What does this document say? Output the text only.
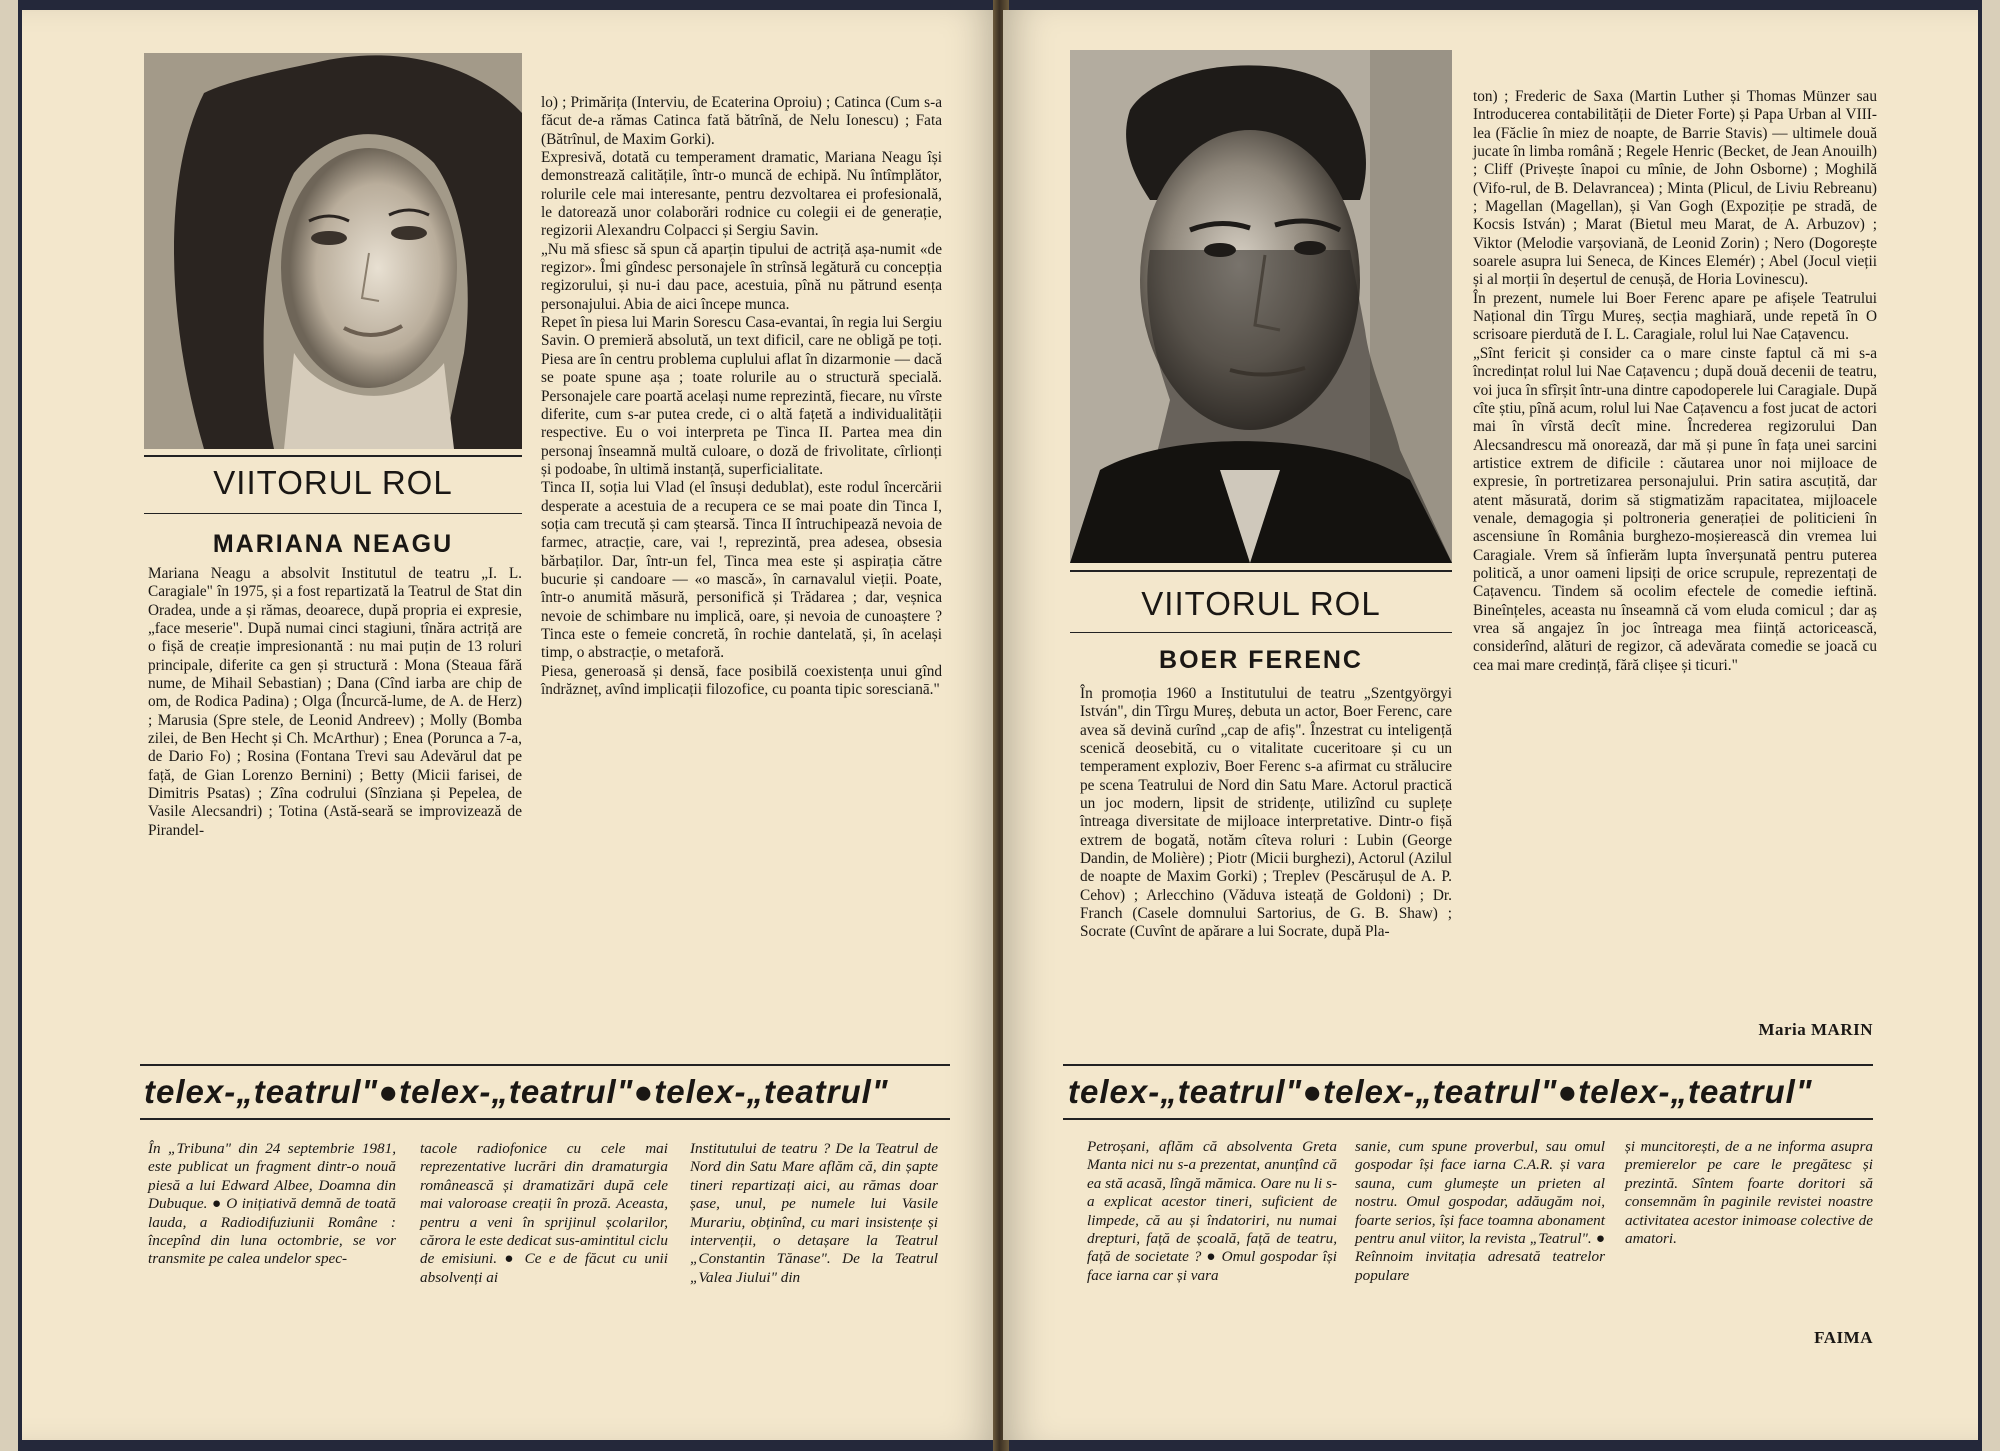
VIITORUL ROL
MARIANA NEAGU
Mariana Neagu a absolvit Institutul de teatru „I. L. Caragiale" în 1975, și a fost repartizată la Teatrul de Stat din Oradea, unde a și rămas, deoarece, după propria ei expresie, „face meserie". După numai cinci stagiuni, tînăra actriță are o fișă de creație impresionantă : nu mai puțin de 13 roluri principale, diferite ca gen și structură : Mona (Steaua fără nume, de Mihail Sebastian) ; Dana (Cînd iarba are chip de om, de Rodica Padina) ; Olga (Încurcă-lume, de A. de Herz) ; Marusia (Spre stele, de Leonid Andreev) ; Molly (Bomba zilei, de Ben Hecht și Ch. McArthur) ; Enea (Porunca a 7-a, de Dario Fo) ; Rosina (Fontana Trevi sau Adevărul dat pe față, de Gian Lorenzo Bernini) ; Betty (Micii farisei, de Dimitris Psatas) ; Zîna codrului (Sînziana și Pepelea, de Vasile Alecsandri) ; Totina (Astă-seară se improvizează de Pirandel-
lo) ; Primărița (Interviu, de Ecaterina Oproiu) ; Catinca (Cum s-a făcut de-a rămas Catinca fată bătrînă, de Nelu Ionescu) ; Fata (Bătrînul, de Maxim Gorki).
Expresivă, dotată cu temperament dramatic, Mariana Neagu își demonstrează calitățile, într-o muncă de echipă. Nu întîmplător, rolurile cele mai interesante, pentru dezvoltarea ei profesională, le datorează unor colaborări rodnice cu colegii ei de generație, regizorii Alexandru Colpacci și Sergiu Savin.
„Nu mă sfiesc să spun că aparțin tipului de actriță așa-numit «de regizor». Îmi gîndesc personajele în strînsă legătură cu concepția regizorului, și nu-i dau pace, acestuia, pînă nu pătrund esența personajului. Abia de aici începe munca.
Repet în piesa lui Marin Sorescu Casa-evantai, în regia lui Sergiu Savin. O premieră absolută, un text dificil, care ne obligă pe toți. Piesa are în centru problema cuplului aflat în dizarmonie — dacă se poate spune așa ; toate rolurile au o structură specială. Personajele care poartă același nume reprezintă, fiecare, nu vîrste diferite, cum s-ar putea crede, ci o altă fațetă a individualității respective. Eu o voi interpreta pe Tinca II. Partea mea din personaj înseamnă multă culoare, o doză de frivolitate, cîrlionți și podoabe, în ultimă instanță, superficialitate.
Tinca II, soția lui Vlad (el însuși dedublat), este rodul încercării desperate a acestuia de a recupera ce se mai poate din Tinca I, soția cam trecută și cam ștearsă. Tinca II întruchipează nevoia de farmec, atracție, care, vai !, reprezintă, prea adesea, obsesia bărbaților. Dar, într-un fel, Tinca mea este și aspirația către bucurie și candoare — «o mască», în carnavalul vieții. Poate, într-o anumită măsură, personifică și Trădarea ; dar, veșnica nevoie de schimbare nu implică, oare, și nevoia de cunoaștere ? Tinca este o femeie concretă, în rochie dantelată, și, în același timp, o abstracție, o metaforă.
Piesa, generoasă și densă, face posibilă coexistența unui gînd îndrăzneț, avînd implicații filozofice, cu poanta tipic sorescianā."
telex-„teatrul"●telex-„teatrul"●telex-„teatrul"
În „Tribuna" din 24 septembrie 1981, este publicat un fragment dintr-o nouă piesă a lui Edward Albee, Doamna din Dubuque. ● O inițiativă demnă de toată lauda, a Radiodifuziunii Române : începînd din luna octombrie, se vor transmite pe calea undelor spec-
tacole radiofonice cu cele mai reprezentative lucrări din dramaturgia românească și dramatizări după cele mai valoroase creații în proză. Aceasta, pentru a veni în sprijinul școlarilor, cărora le este dedicat sus-amintitul ciclu de emisiuni. ● Ce e de făcut cu unii absolvenți ai
Institutului de teatru ? De la Teatrul de Nord din Satu Mare aflăm că, din șapte tineri repartizați aici, au rămas doar șase, unul, pe numele lui Vasile Murariu, obținînd, cu mari insistențe și intervenții, o detașare la Teatrul „Constantin Tănase". De la Teatrul „Valea Jiului" din
VIITORUL ROL
BOER FERENC
În promoția 1960 a Institutului de teatru „Szentgyörgyi István", din Tîrgu Mureș, debuta un actor, Boer Ferenc, care avea să devină curînd „cap de afiș". Înzestrat cu inteligență scenică deosebită, cu o vitalitate cuceritoare și cu un temperament exploziv, Boer Ferenc s-a afirmat cu strălucire pe scena Teatrului de Nord din Satu Mare. Actorul practică un joc modern, lipsit de stridențe, utilizînd cu suplețe întreaga diversitate de mijloace interpretative. Dintr-o fișă extrem de bogată, notăm cîteva roluri : Lubin (George Dandin, de Molière) ; Piotr (Micii burghezi), Actorul (Azilul de noapte de Maxim Gorki) ; Treplev (Pescărușul de A. P. Cehov) ; Arlecchino (Văduva isteață de Goldoni) ; Dr. Franch (Casele domnului Sartorius, de G. B. Shaw) ; Socrate (Cuvînt de apărare a lui Socrate, după Pla-
ton) ; Frederic de Saxa (Martin Luther și Thomas Münzer sau Introducerea contabilității de Dieter Forte) și Papa Urban al VIII-lea (Făclie în miez de noapte, de Barrie Stavis) — ultimele două jucate în limba română ; Regele Henric (Becket, de Jean Anouilh) ; Cliff (Privește înapoi cu mînie, de John Osborne) ; Moghilă (Vifo-rul, de B. Delavrancea) ; Minta (Plicul, de Liviu Rebreanu) ; Magellan (Magellan), și Van Gogh (Expoziție pe stradă, de Kocsis István) ; Marat (Bietul meu Marat, de A. Arbuzov) ; Viktor (Melodie varșoviană, de Leonid Zorin) ; Nero (Dogorește soarele asupra lui Seneca, de Kinces Elemér) ; Abel (Jocul vieții și al morții în deșertul de cenușă, de Horia Lovinescu).
În prezent, numele lui Boer Ferenc apare pe afișele Teatrului Național din Tîrgu Mureș, secția maghiară, unde repetă în O scrisoare pierdută de I. L. Caragiale, rolul lui Nae Cațavencu.
„Sînt fericit și consider ca o mare cinste faptul că mi s-a încredințat rolul lui Nae Cațavencu ; după două decenii de teatru, voi juca în sfîrșit într-una dintre capodoperele lui Caragiale. După cîte știu, pînă acum, rolul lui Nae Cațavencu a fost jucat de actori mai în vîrstă decît mine. Încrederea regizorului Dan Alecsandrescu mă onorează, dar mă și pune în fața unei sarcini artistice extrem de dificile : căutarea unor noi mijloace de expresie, în portretizarea personajului. Prin satira ascuțită, dar atent măsurată, dorim să stigmatizăm rapacitatea, mijloacele venale, demagogia și poltroneria generației de politicieni în ascensiune în România burghezo-moșierească din vremea lui Caragiale. Vrem să înfierăm lupta înverșunată pentru puterea politică, a unor oameni lipsiți de orice scrupule, reprezentați de Cațavencu. Tindem să ocolim efectele de comedie ieftină. Bineînțeles, aceasta nu înseamnă că vom eluda comicul ; dar aș vrea să angajez în joc întreaga mea ființă actoricească, considerînd, alături de regizor, că adevărata comedie se joacă cu cea mai mare credință, fără clișee și ticuri."
Maria MARIN
telex-„teatrul"●telex-„teatrul"●telex-„teatrul"
Petroșani, aflăm că absolventa Greta Manta nici nu s-a prezentat, anunțînd că ea stă acasă, lîngă mămica. Oare nu li s-a explicat acestor tineri, suficient de limpede, că au și îndatoriri, nu numai drepturi, față de școală, față de teatru, față de societate ? ● Omul gospodar își face iarna car și vara
sanie, cum spune proverbul, sau omul gospodar își face iarna C.A.R. și vara sauna, cum glumește un prieten al nostru. Omul gospodar, adăugăm noi, foarte serios, își face toamna abonament pentru anul viitor, la revista „Teatrul". ● Reînnoim invitația adresată teatrelor populare
și muncitorești, de a ne informa asupra premierelor pe care le pregătesc și prezintă. Sîntem foarte doritori să consemnăm în paginile revistei noastre activitatea acestor inimoase colective de amatori.
FAIMA
